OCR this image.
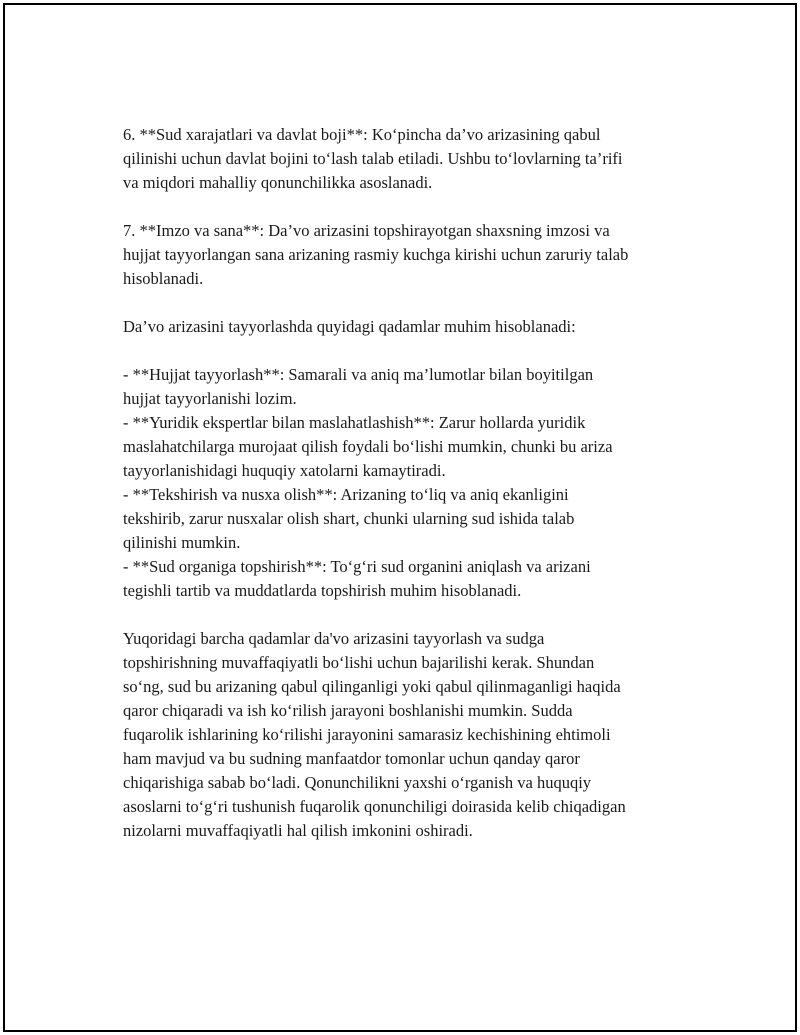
6. **Sud xarajatlari va davlat boji**: Ko‘pincha da’vo arizasining qabul
qilinishi uchun davlat bojini to‘lash talab etiladi. Ushbu to‘lovlarning ta’rifi
va miqdori mahalliy qonunchilikka asoslanadi.

7. **Imzo va sana**: Da’vo arizasini topshirayotgan shaxsning imzosi va
hujjat tayyorlangan sana arizaning rasmiy kuchga kirishi uchun zaruriy talab
hisoblanadi.

Da’vo arizasini tayyorlashda quyidagi qadamlar muhim hisoblanadi:

- **Hujjat tayyorlash**: Samarali va aniq ma’lumotlar bilan boyitilgan
hujjat tayyorlanishi lozim.
- **Yuridik ekspertlar bilan maslahatlashish**: Zarur hollarda yuridik
maslahatchilarga murojaat qilish foydali bo‘lishi mumkin, chunki bu ariza
tayyorlanishidagi huquqiy xatolarni kamaytiradi.
- **Tekshirish va nusxa olish**: Arizaning to‘liq va aniq ekanligini
tekshirib, zarur nusxalar olish shart, chunki ularning sud ishida talab
qilinishi mumkin.
- **Sud organiga topshirish**: To‘g‘ri sud organini aniqlash va arizani
tegishli tartib va muddatlarda topshirish muhim hisoblanadi.

Yuqoridagi barcha qadamlar da'vo arizasini tayyorlash va sudga
topshirishning muvaffaqiyatli bo‘lishi uchun bajarilishi kerak. Shundan
so‘ng, sud bu arizaning qabul qilinganligi yoki qabul qilinmaganligi haqida
qaror chiqaradi va ish ko‘rilish jarayoni boshlanishi mumkin. Sudda
fuqarolik ishlarining ko‘rilishi jarayonini samarasiz kechishining ehtimoli
ham mavjud va bu sudning manfaatdor tomonlar uchun qanday qaror
chiqarishiga sabab bo‘ladi. Qonunchilikni yaxshi o‘rganish va huquqiy
asoslarni to‘g‘ri tushunish fuqarolik qonunchiligi doirasida kelib chiqadigan
nizolarni muvaffaqiyatli hal qilish imkonini oshiradi.
